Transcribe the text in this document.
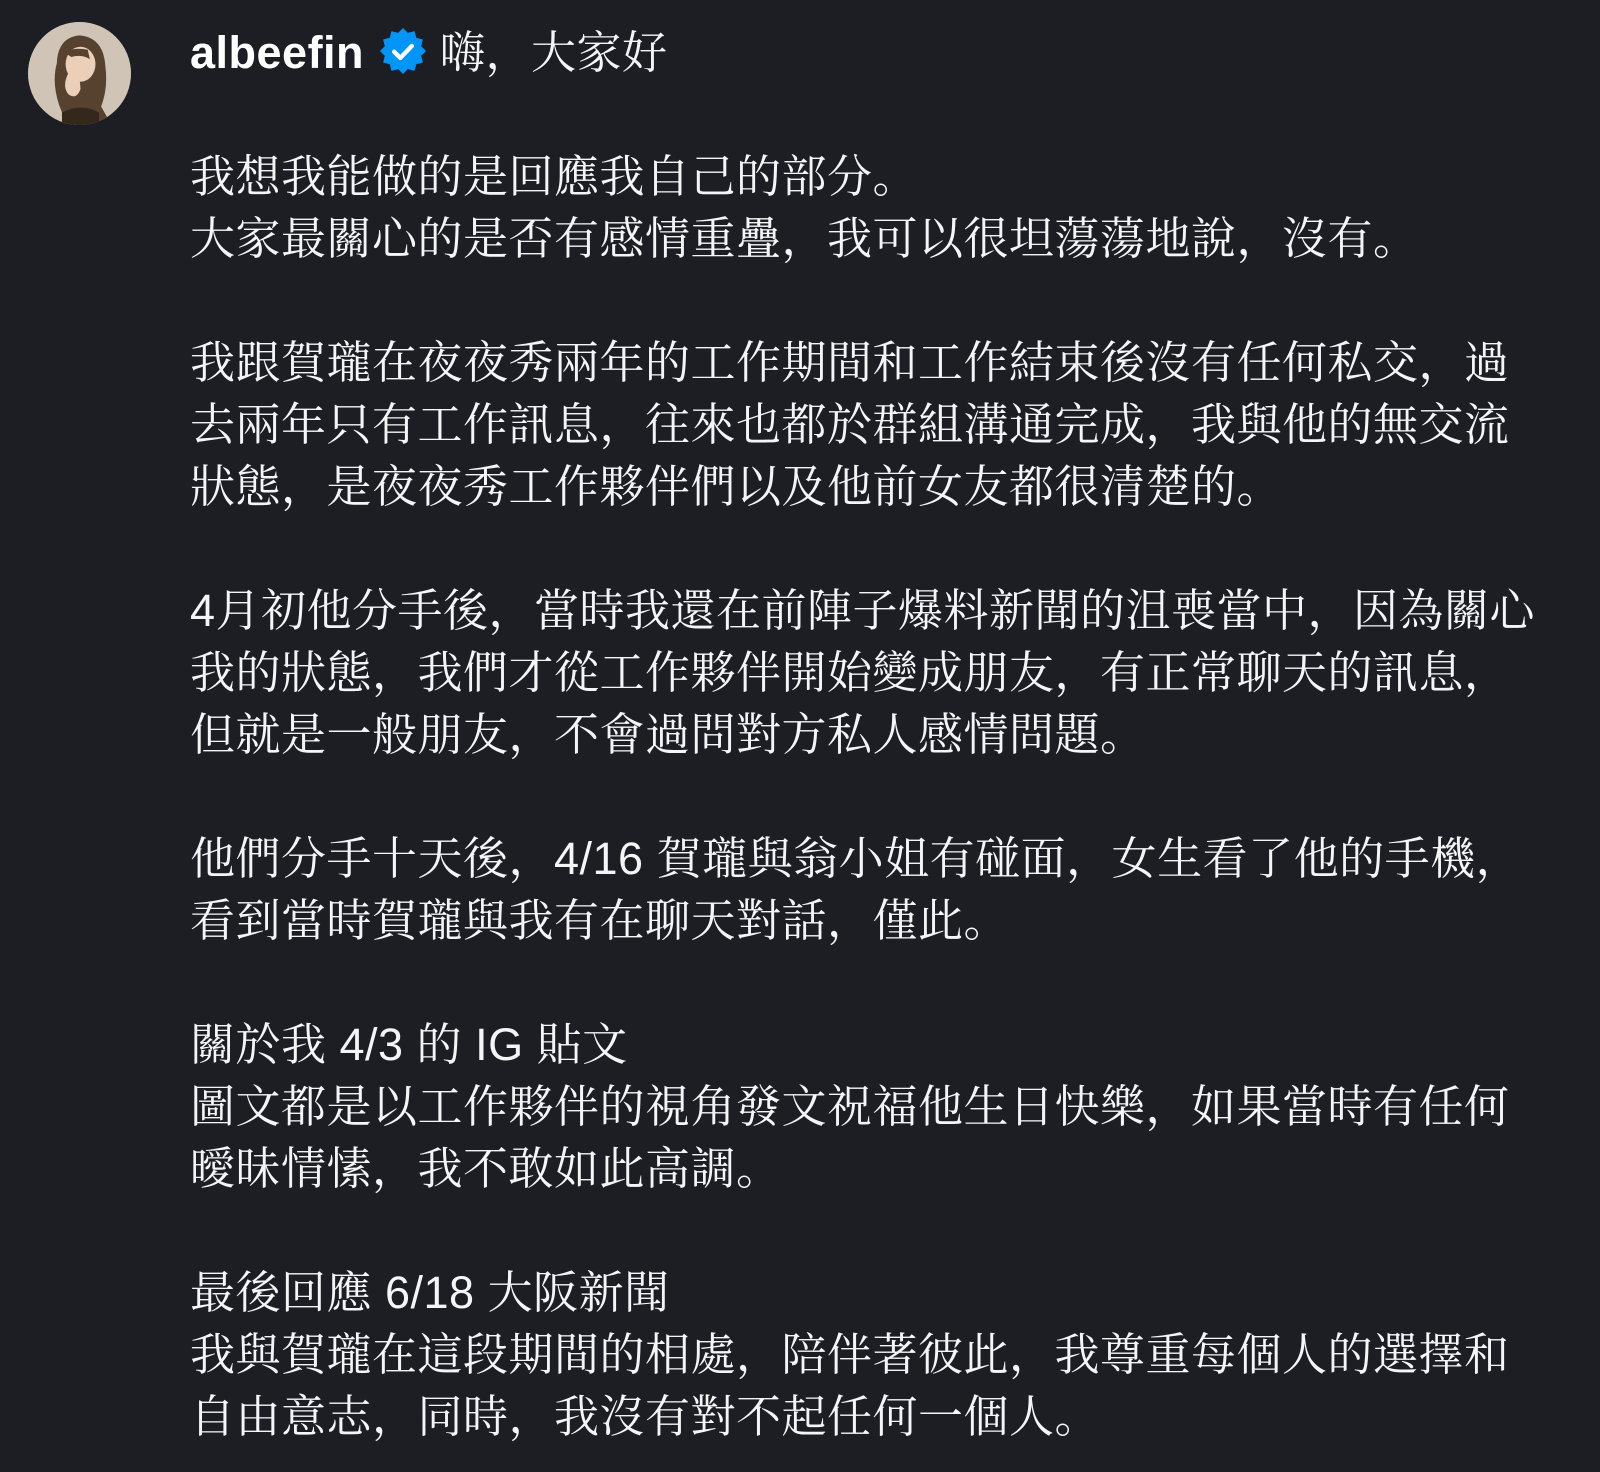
albeefin 嗨，大家好
我想我能做的是回應我自己的部分。
大家最關心的是否有感情重疊，我可以很坦蕩蕩地說，沒有。
我跟賀瓏在夜夜秀兩年的工作期間和工作結束後沒有任何私交，過去兩年只有工作訊息，往來也都於群組溝通完成，我與他的無交流狀態，是夜夜秀工作夥伴們以及他前女友都很清楚的。
4月初他分手後，當時我還在前陣子爆料新聞的沮喪當中，因為關心我的狀態，我們才從工作夥伴開始變成朋友，有正常聊天的訊息，但就是一般朋友，不會過問對方私人感情問題。
他們分手十天後，4/16 賀瓏與翁小姐有碰面，女生看了他的手機，看到當時賀瓏與我有在聊天對話，僅此。
關於我 4/3 的 IG 貼文
圖文都是以工作夥伴的視角發文祝福他生日快樂，如果當時有任何曖昧情愫，我不敢如此高調。
最後回應 6/18 大阪新聞
我與賀瓏在這段期間的相處，陪伴著彼此，我尊重每個人的選擇和自由意志，同時，我沒有對不起任何一個人。
